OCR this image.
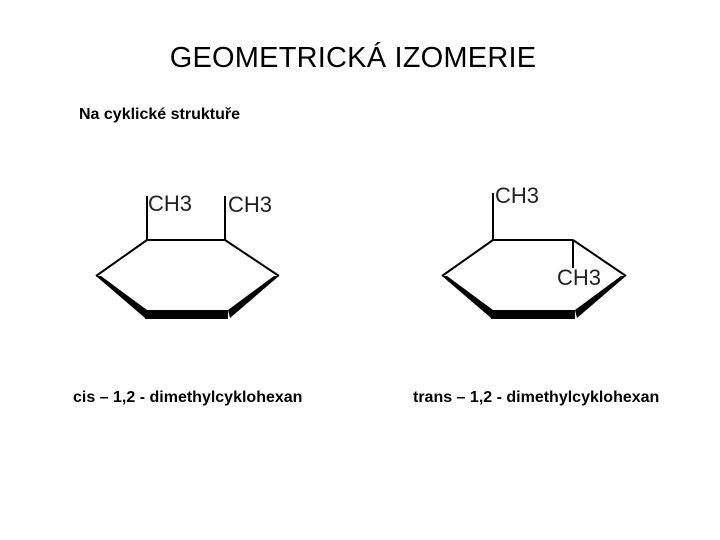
GEOMETRICKÁ IZOMERIE
Na cyklické struktuře
CH3 CH3	CH3
CH3
cis – 1,2 - dimethylcyklohexan	trans – 1,2 - dimethylcyklohexan
